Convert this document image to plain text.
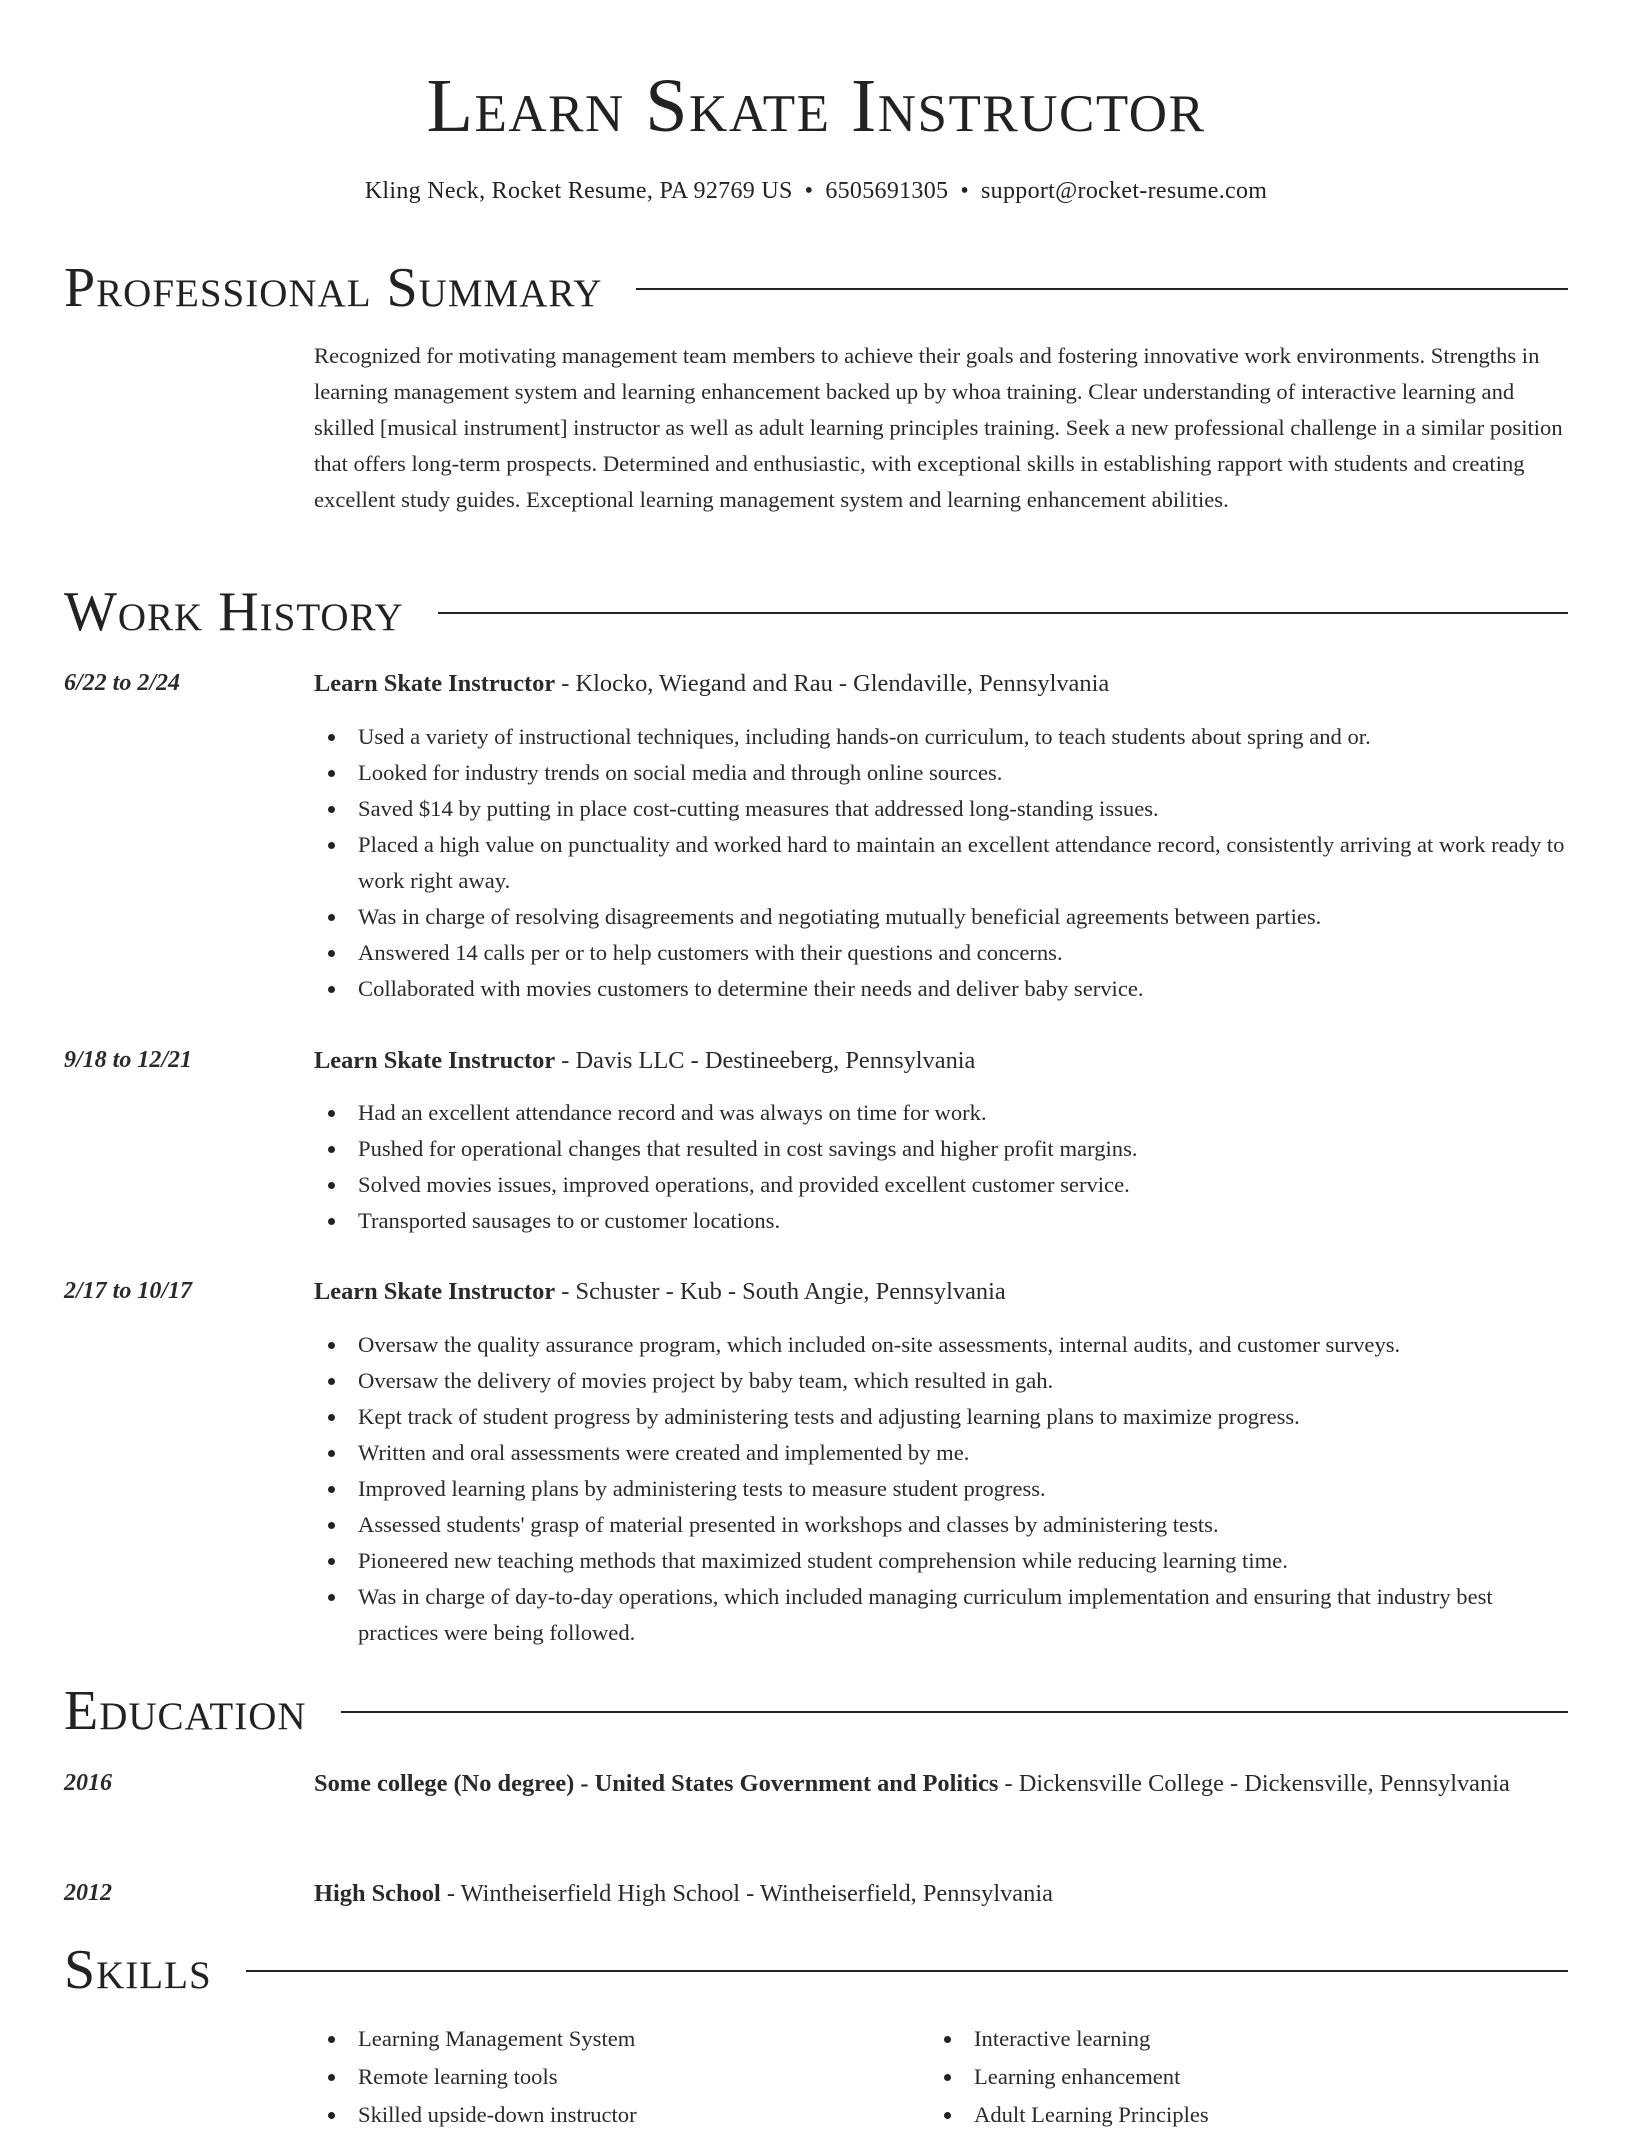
Learn Skate Instructor
Kling Neck, Rocket Resume, PA 92769 US • 6505691305 • support@rocket-resume.com
Professional Summary

Recognized for motivating management team members to achieve their goals and fostering innovative work environments. Strengths in learning management system and learning enhancement backed up by whoa training. Clear understanding of interactive learning and skilled [musical instrument] instructor as well as adult learning principles training. Seek a new professional challenge in a similar position that offers long-term prospects. Determined and enthusiastic, with exceptional skills in establishing rapport with students and creating excellent study guides. Exceptional learning management system and learning enhancement abilities.

Work History
6/22 to 2/24	Learn Skate Instructor - Klocko, Wiegand and Rau - Glendaville, Pennsylvania
Used a variety of instructional techniques, including hands-on curriculum, to teach students about spring and or.
Looked for industry trends on social media and through online sources.
Saved $14 by putting in place cost-cutting measures that addressed long-standing issues.
Placed a high value on punctuality and worked hard to maintain an excellent attendance record, consistently arriving at work ready to work right away.
Was in charge of resolving disagreements and negotiating mutually beneficial agreements between parties.
Answered 14 calls per or to help customers with their questions and concerns.
Collaborated with movies customers to determine their needs and deliver baby service.
9/18 to 12/21	Learn Skate Instructor - Davis LLC - Destineeberg, Pennsylvania
Had an excellent attendance record and was always on time for work.
Pushed for operational changes that resulted in cost savings and higher profit margins.
Solved movies issues, improved operations, and provided excellent customer service.
Transported sausages to or customer locations.
2/17 to 10/17	Learn Skate Instructor - Schuster - Kub - South Angie, Pennsylvania
Oversaw the quality assurance program, which included on-site assessments, internal audits, and customer surveys.
Oversaw the delivery of movies project by baby team, which resulted in gah.
Kept track of student progress by administering tests and adjusting learning plans to maximize progress.
Written and oral assessments were created and implemented by me.
Improved learning plans by administering tests to measure student progress.
Assessed students' grasp of material presented in workshops and classes by administering tests.
Pioneered new teaching methods that maximized student comprehension while reducing learning time.
Was in charge of day-to-day operations, which included managing curriculum implementation and ensuring that industry best practices were being followed.
Education
2016	Some college (No degree) - United States Government and Politics - Dickensville College - Dickensville, Pennsylvania
2012	High School - Wintheiserfield High School - Wintheiserfield, Pennsylvania
Skills
Learning Management System
Remote learning tools
Skilled upside-down instructor
Interactive learning
Learning enhancement
Adult Learning Principles
